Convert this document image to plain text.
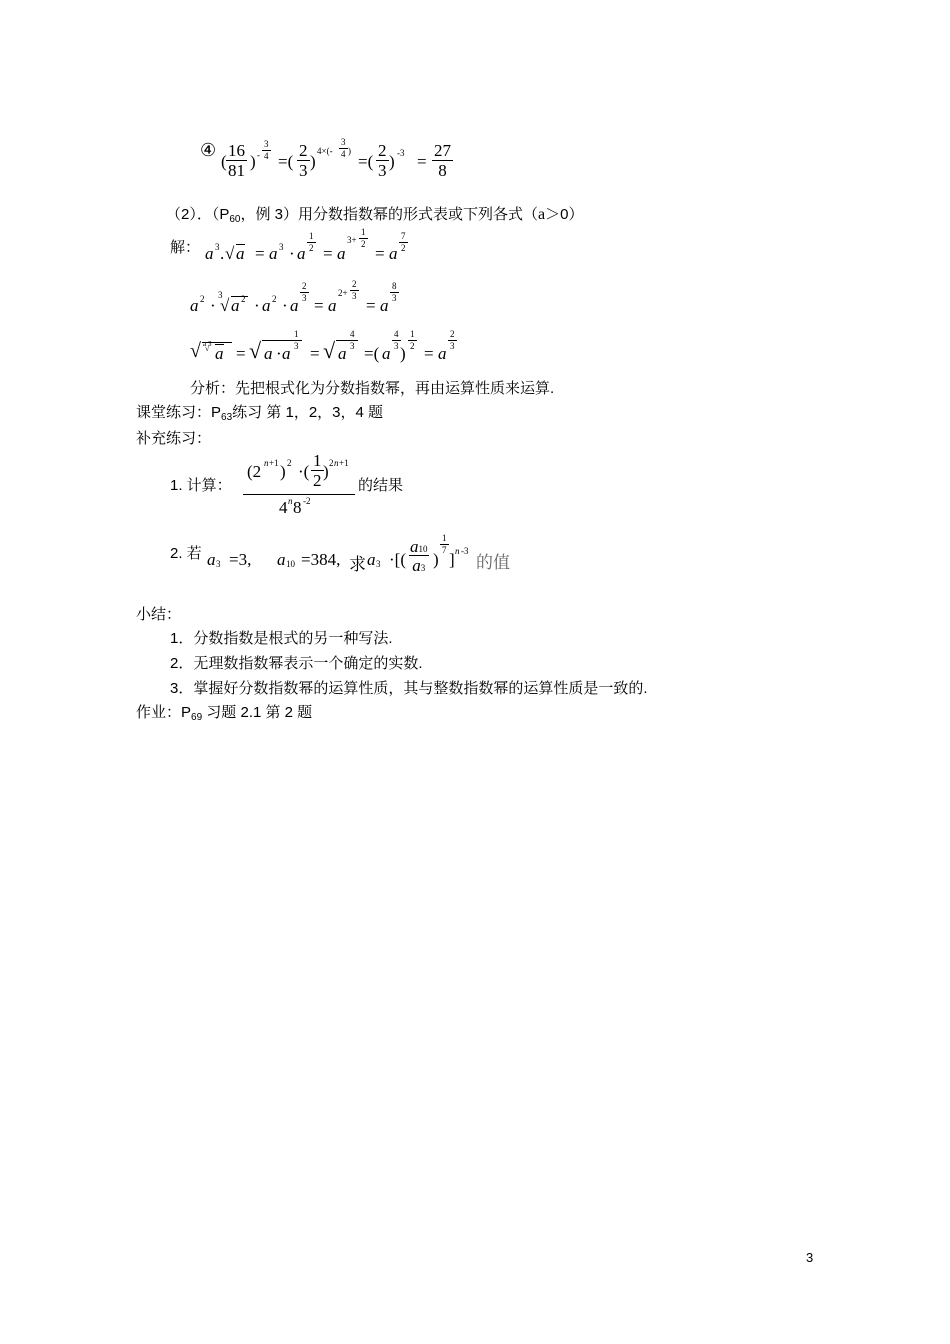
④
( $\frac{16}{81}$ ) - $\frac{3}{4}$
=( $\frac{2}{3}$ )
$4\times(- \frac{3}{4}$ )
=( $\frac{2}{3}$ ) $-3 = \frac{27}{8}$
（2）．（$P_{60}$，例 3）用分数指数幂的形式表或下列各式（a＞0）
解： a 3 . √ a = a 3 · a
$\frac{1}{2}$
= a
$3+ \frac{1}{2}$
= a
$\frac{7}{2}$
a 2 ·
3
√ a 2 · a 2 · a
$\frac{2}{3}$
= a
$2+ \frac{2}{3}$
= a
$\frac{8}{3}$
√ a 3
√ a = √ a · a
$\frac{1}{3}$
= √ a
$\frac{4}{3}$
=( a
$\frac{4}{3}$
)
$\frac{1}{2}$
= a
$\frac{2}{3}$
分析：先把根式化为分数指数幂，再由运算性质来运算.
课堂练习：$P_{63}$练习 第 1，2，3，4 题
补充练习：
1. 计算：
(2 n +1 ) 2 ·( $\frac{1}{2}$ ) 2 n +1
4 n 8 -2
的结果
2. 若 a 3 =3, a 10 =384, 求 a 3 ·[( $\frac{a10}{a3}$ )
$\frac{1}{7}$
] n -3
的值
小结：
1．分数指数是根式的另一种写法.
2．无理数指数幂表示一个确定的实数.
3．掌握好分数指数幂的运算性质，其与整数指数幂的运算性质是一致的.
作业：$P_{69}$ 习题 2.1 第 2 题
3
